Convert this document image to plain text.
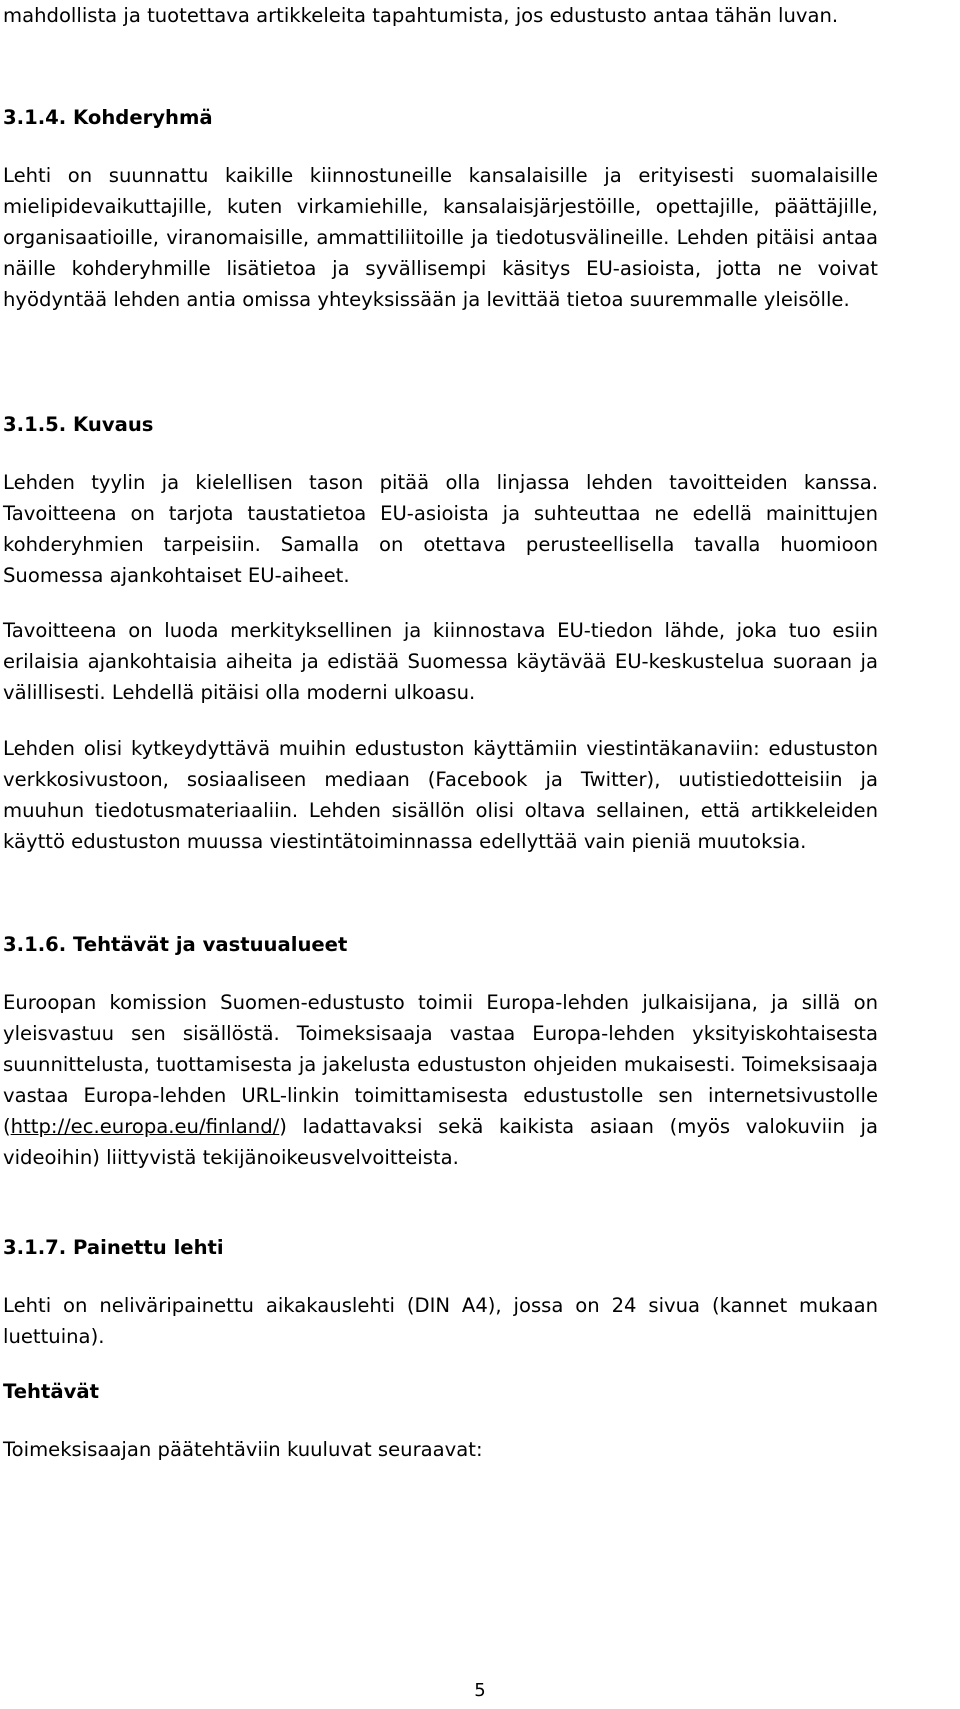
mahdollista ja tuotettava artikkeleita tapahtumista, jos edustusto antaa tähän luvan.

3.1.4. Kohderyhmä

Lehti on suunnattu kaikille kiinnostuneille kansalaisille ja erityisesti suomalaisille mielipidevaikuttajille, kuten virkamiehille, kansalaisjärjestöille, opettajille, päättäjille, organisaatioille, viranomaisille, ammattiliitoille ja tiedotusvälineille. Lehden pitäisi antaa näille kohderyhmille lisätietoa ja syvällisempi käsitys EU-asioista, jotta ne voivat hyödyntää lehden antia omissa yhteyksissään ja levittää tietoa suuremmalle yleisölle.

3.1.5. Kuvaus

Lehden tyylin ja kielellisen tason pitää olla linjassa lehden tavoitteiden kanssa. Tavoitteena on tarjota taustatietoa EU-asioista ja suhteuttaa ne edellä mainittujen kohderyhmien tarpeisiin. Samalla on otettava perusteellisella tavalla huomioon Suomessa ajankohtaiset EU-aiheet.

Tavoitteena on luoda merkityksellinen ja kiinnostava EU-tiedon lähde, joka tuo esiin erilaisia ajankohtaisia aiheita ja edistää Suomessa käytävää EU-keskustelua suoraan ja välillisesti. Lehdellä pitäisi olla moderni ulkoasu.

Lehden olisi kytkeydyttävä muihin edustuston käyttämiin viestintäkanaviin: edustuston verkkosivustoon, sosiaaliseen mediaan (Facebook ja Twitter), uutistiedotteisiin ja muuhun tiedotusmateriaaliin. Lehden sisällön olisi oltava sellainen, että artikkeleiden käyttö edustuston muussa viestintätoiminnassa edellyttää vain pieniä muutoksia.

3.1.6. Tehtävät ja vastuualueet

Euroopan komission Suomen-edustusto toimii Europa-lehden julkaisijana, ja sillä on yleisvastuu sen sisällöstä. Toimeksisaaja vastaa Europa-lehden yksityiskohtaisesta suunnittelusta, tuottamisesta ja jakelusta edustuston ohjeiden mukaisesti. Toimeksisaaja vastaa Europa-lehden URL-linkin toimittamisesta edustustolle sen internetsivustolle (http://ec.europa.eu/finland/) ladattavaksi sekä kaikista asiaan (myös valokuviin ja videoihin) liittyvistä tekijänoikeusvelvoitteista.

3.1.7. Painettu lehti

Lehti on neliväripainettu aikakauslehti (DIN A4), jossa on 24 sivua (kannet mukaan luettuina).

Tehtävät

Toimeksisaajan päätehtäviin kuuluvat seuraavat:

5
